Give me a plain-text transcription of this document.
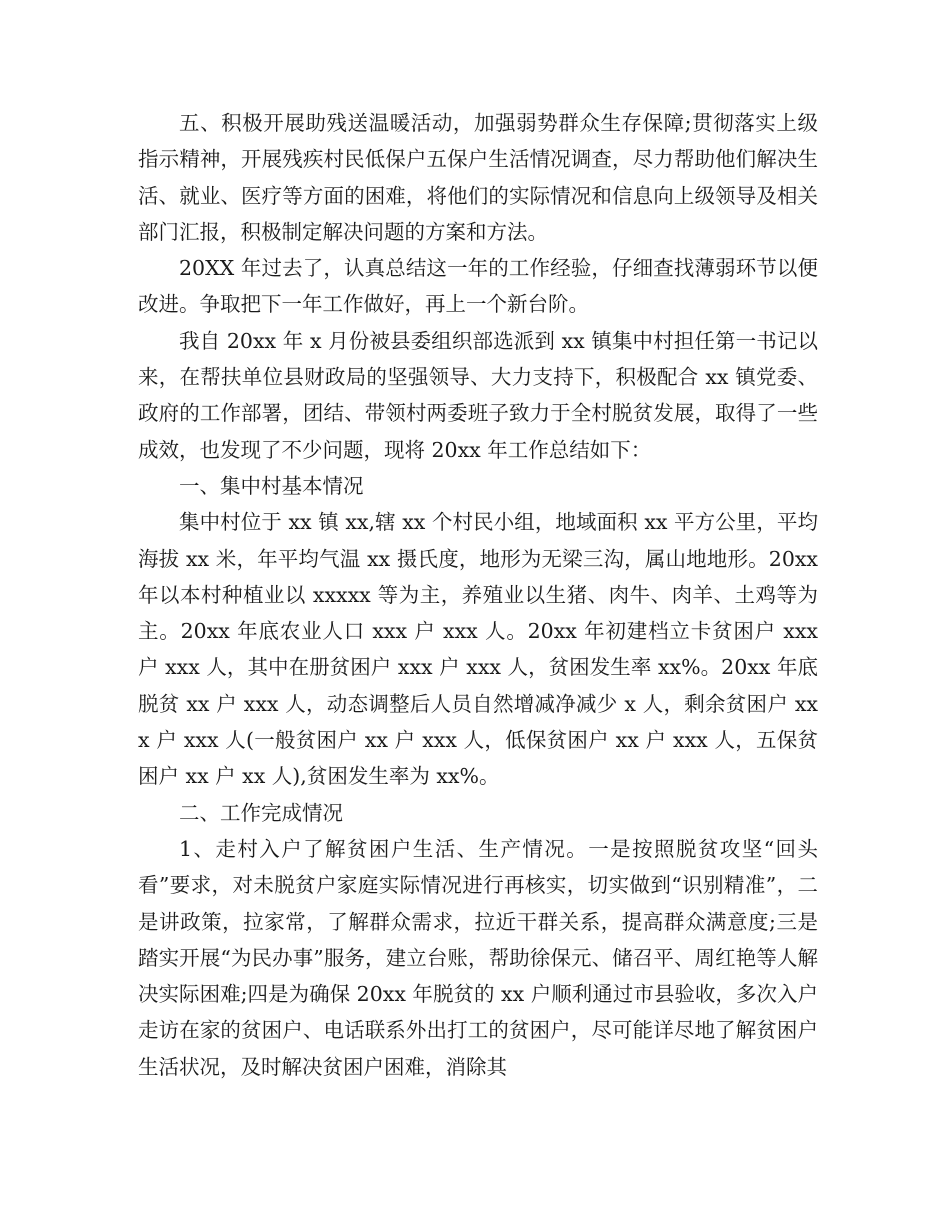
五、积极开展助残送温暖活动，加强弱势群众生存保障;贯彻落实上级指示精神，开展残疾村民低保户五保户生活情况调查，尽力帮助他们解决生活、就业、医疗等方面的困难，将他们的实际情况和信息向上级领导及相关部门汇报，积极制定解决问题的方案和方法。

20XX 年过去了，认真总结这一年的工作经验，仔细查找薄弱环节以便改进。争取把下一年工作做好，再上一个新台阶。

我自 20xx 年 x 月份被县委组织部选派到 xx 镇集中村担任第一书记以来，在帮扶单位县财政局的坚强领导、大力支持下，积极配合 xx 镇党委、政府的工作部署，团结、带领村两委班子致力于全村脱贫发展，取得了一些成效，也发现了不少问题，现将 20xx 年工作总结如下：

一、集中村基本情况

集中村位于 xx 镇 xx,辖 xx 个村民小组，地域面积 xx 平方公里，平均海拔 xx 米，年平均气温 xx 摄氏度，地形为无梁三沟，属山地地形。20xx 年以本村种植业以 xxxxx 等为主，养殖业以生猪、肉牛、肉羊、土鸡等为主。20xx 年底农业人口 xxx 户 xxx 人。20xx 年初建档立卡贫困户 xxx 户 xxx 人，其中在册贫困户 xxx 户 xxx 人，贫困发生率 xx%。20xx 年底脱贫 xx 户 xxx 人，动态调整后人员自然增减净减少 x 人，剩余贫困户 xxx 户 xxx 人(一般贫困户 xx 户 xxx 人，低保贫困户 xx 户 xxx 人，五保贫困户 xx 户 xx 人),贫困发生率为 xx%。

二、工作完成情况

1、走村入户了解贫困户生活、生产情况。一是按照脱贫攻坚“回头看”要求，对未脱贫户家庭实际情况进行再核实，切实做到“识别精准”，二是讲政策，拉家常，了解群众需求，拉近干群关系，提高群众满意度;三是踏实开展“为民办事”服务，建立台账，帮助徐保元、储召平、周红艳等人解决实际困难;四是为确保 20xx 年脱贫的 xx 户顺利通过市县验收，多次入户走访在家的贫困户、电话联系外出打工的贫困户，尽可能详尽地了解贫困户生活状况，及时解决贫困户困难，消除其
